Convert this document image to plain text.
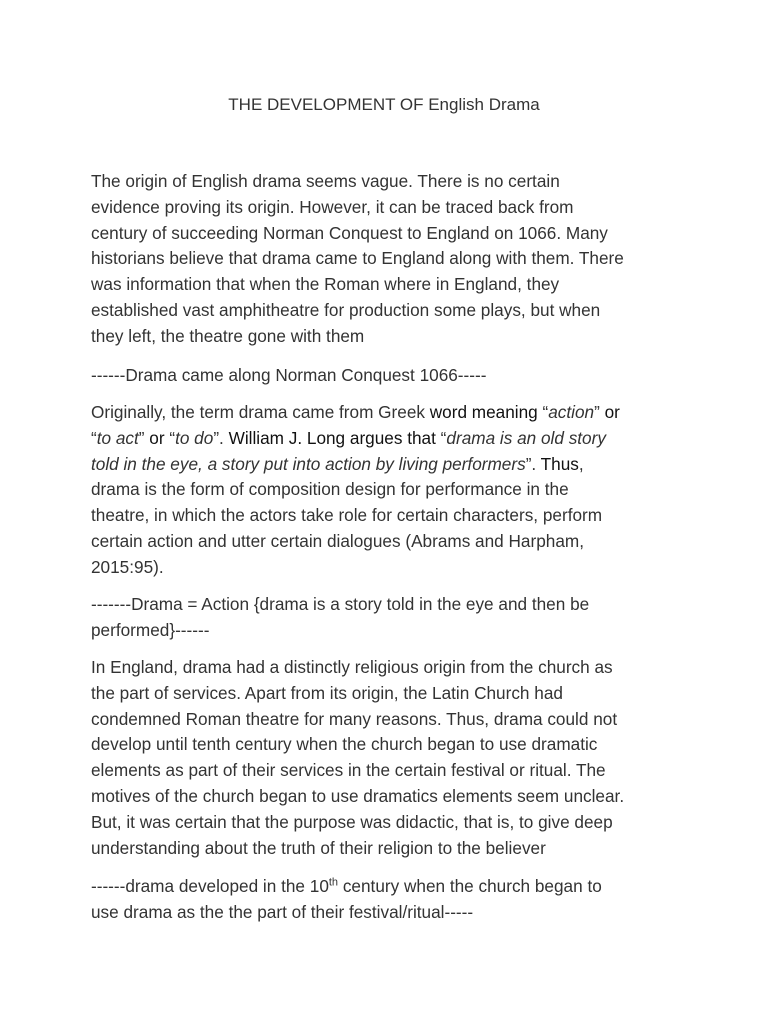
THE DEVELOPMENT OF English Drama

The origin of English drama seems vague. There is no certain

evidence proving its origin. However, it can be traced back from

century of succeeding Norman Conquest to England on 1066. Many

historians believe that drama came to England along with them. There

was information that when the Roman where in England, they

established vast amphitheatre for production some plays, but when

they left, the theatre gone with them

------Drama came along Norman Conquest 1066-----

Originally, the term drama came from Greek word meaning “action” or

“to act” or “to do”. William J. Long argues that “drama is an old story

told in the eye, a story put into action by living performers”. Thus,

drama is the form of composition design for performance in the

theatre, in which the actors take role for certain characters, perform

certain action and utter certain dialogues (Abrams and Harpham,

2015:95).

-------Drama = Action {drama is a story told in the eye and then be

performed}------

In England, drama had a distinctly religious origin from the church as

the part of services. Apart from its origin, the Latin Church had

condemned Roman theatre for many reasons. Thus, drama could not

develop until tenth century when the church began to use dramatic

elements as part of their services in the certain festival or ritual. The

motives of the church began to use dramatics elements seem unclear.

But, it was certain that the purpose was didactic, that is, to give deep

understanding about the truth of their religion to the believer

------drama developed in the 10th century when the church began to

use drama as the the part of their festival/ritual-----
